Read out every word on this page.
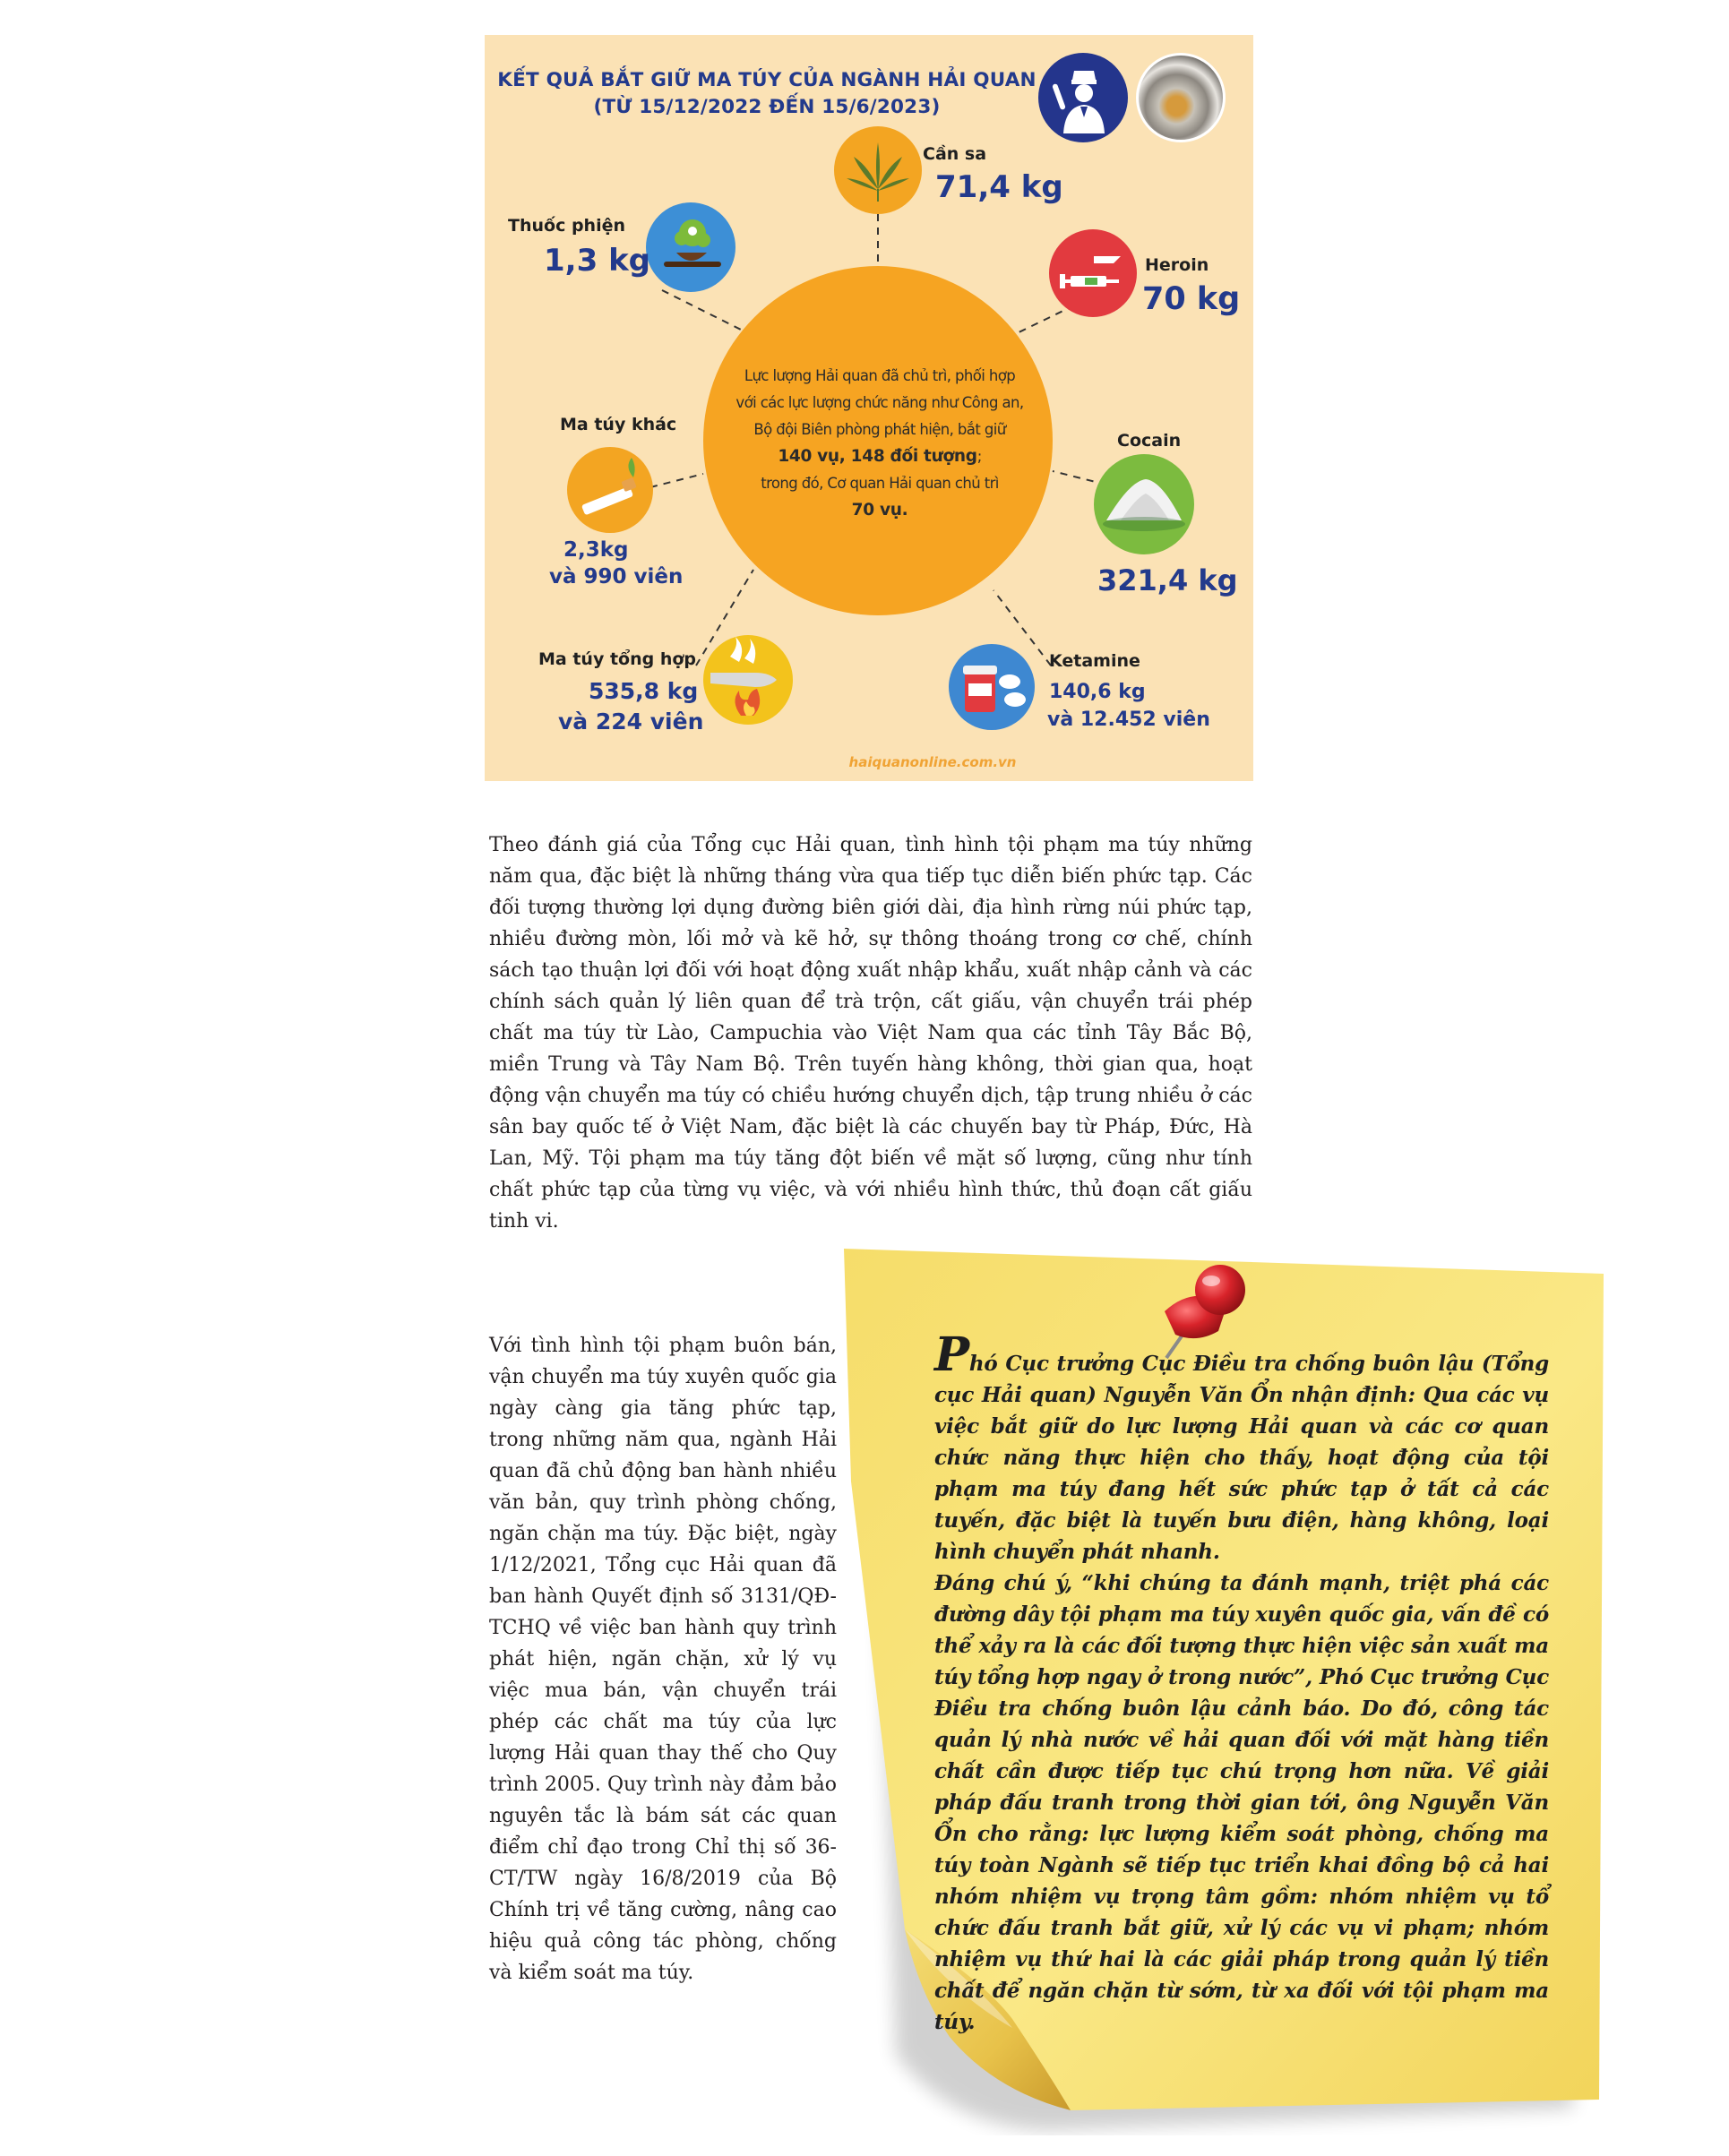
KẾT QUẢ BẮT GIỮ MA TÚY CỦA NGÀNH HẢI QUAN
(TỪ 15/12/2022 ĐẾN 15/6/2023)
Lực lượng Hải quan đã chủ trì, phối hợp
với các lực lượng chức năng như Công an,
Bộ đội Biên phòng phát hiện, bắt giữ
140 vụ, 148 đối tượng;
trong đó, Cơ quan Hải quan chủ trì
70 vụ.
Cần sa
71,4 kg
Thuốc phiện
1,3 kg	Heroin
70 kg
Ma túy khác
2,3kg
và 990 viên
Cocain
321,4 kg
Ma túy tổng hợp
535,8 kg
và 224 viên
Ketamine
140,6 kg
và 12.452 viên
haiquanonline.com.vn

Theo đánh giá của Tổng cục Hải quan, tình hình tội phạm ma túy những năm qua, đặc biệt là những tháng vừa qua tiếp tục diễn biến phức tạp. Các đối tượng thường lợi dụng đường biên giới dài, địa hình rừng núi phức tạp, nhiều đường mòn, lối mở và kẽ hở, sự thông thoáng trong cơ chế, chính sách tạo thuận lợi đối với hoạt động xuất nhập khẩu, xuất nhập cảnh và các chính sách quản lý liên quan để trà trộn, cất giấu, vận chuyển trái phép chất ma túy từ Lào, Campuchia vào Việt Nam qua các tỉnh Tây Bắc Bộ, miền Trung và Tây Nam Bộ. Trên tuyến hàng không, thời gian qua, hoạt động vận chuyển ma túy có chiều hướng chuyển dịch, tập trung nhiều ở các sân bay quốc tế ở Việt Nam, đặc biệt là các chuyến bay từ Pháp, Đức, Hà Lan, Mỹ. Tội phạm ma túy tăng đột biến về mặt số lượng, cũng như tính chất phức tạp của từng vụ việc, và với nhiều hình thức, thủ đoạn cất giấu tinh vi.

Với tình hình tội phạm buôn bán, vận chuyển ma túy xuyên quốc gia ngày càng gia tăng phức tạp, trong những năm qua, ngành Hải quan đã chủ động ban hành nhiều văn bản, quy trình phòng chống, ngăn chặn ma túy. Đặc biệt, ngày 1/12/2021, Tổng cục Hải quan đã ban hành Quyết định số 3131/QĐ-TCHQ về việc ban hành quy trình phát hiện, ngăn chặn, xử lý vụ việc mua bán, vận chuyển trái phép các chất ma túy của lực lượng Hải quan thay thế cho Quy trình 2005. Quy trình này đảm bảo nguyên tắc là bám sát các quan điểm chỉ đạo trong Chỉ thị số 36-CT/TW ngày 16/8/2019 của Bộ Chính trị về tăng cường, nâng cao hiệu quả công tác phòng, chống và kiểm soát ma túy.

Phó Cục trưởng Cục Điều tra chống buôn lậu (Tổng cục Hải quan) Nguyễn Văn Ổn nhận định: Qua các vụ việc bắt giữ do lực lượng Hải quan và các cơ quan chức năng thực hiện cho thấy, hoạt động của tội phạm ma túy đang hết sức phức tạp ở tất cả các tuyến, đặc biệt là tuyến bưu điện, hàng không, loại hình chuyển phát nhanh.

Đáng chú ý, “khi chúng ta đánh mạnh, triệt phá các đường dây tội phạm ma túy xuyên quốc gia, vấn đề có thể xảy ra là các đối tượng thực hiện việc sản xuất ma túy tổng hợp ngay ở trong nước”, Phó Cục trưởng Cục Điều tra chống buôn lậu cảnh báo. Do đó, công tác quản lý nhà nước về hải quan đối với mặt hàng tiền chất cần được tiếp tục chú trọng hơn nữa. Về giải pháp đấu tranh trong thời gian tới, ông Nguyễn Văn Ổn cho rằng: lực lượng kiểm soát phòng, chống ma túy toàn Ngành sẽ tiếp tục triển khai đồng bộ cả hai nhóm nhiệm vụ trọng tâm gồm: nhóm nhiệm vụ tổ chức đấu tranh bắt giữ, xử lý các vụ vi phạm; nhóm nhiệm vụ thứ hai là các giải pháp trong quản lý tiền chất để ngăn chặn từ sớm, từ xa đối với tội phạm ma túy.
